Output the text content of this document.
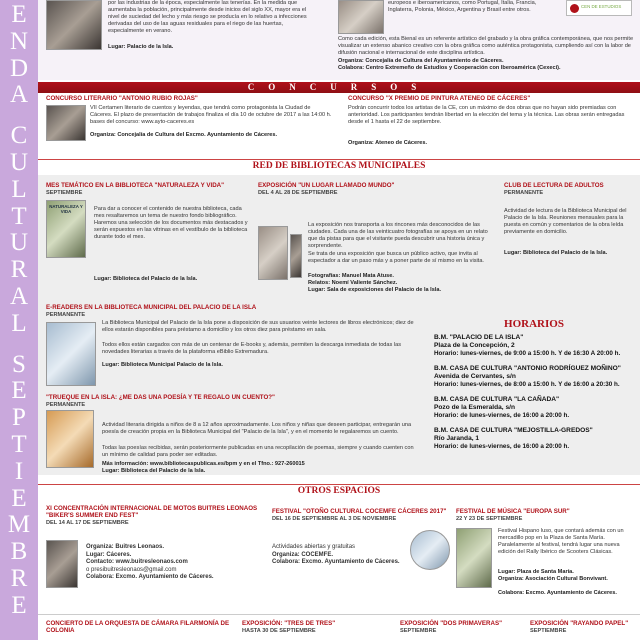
E
N
D
A
C
U
L
T
U
R
A
L
S
E
P
T
I
E
M
B
R
E
por las industrias de la época, especialmente las tenerías. En la medida que aumentaba la población, principalmente desde inicios del siglo XX, mayor era el nivel de suciedad del lecho y más riesgo se producía en lo relativo a infecciones derivadas del uso de las aguas residuales para el riego de las huertas, especialmente en verano.
Lugar: Palacio de la Isla.
europeos e iberoamericanos, como Portugal, Italia, Francia, Inglaterra, Polonia, México, Argentina y Brasil entre otros.
CEN DE ESTUDIOS
Como cada edición, esta Bienal es un referente artístico del grabado y la obra gráfica contemporánea, que nos permite visualizar un extenso abanico creativo con la obra gráfica como auténtica protagonista, cumpliendo así con la labor de difusión nacional e internacional de este disciplina artística.
Organiza: Concejalía de Cultura del Ayuntamiento de Cáceres.
Colabora: Centro Extremeño de Estudios y Cooperación con Iberoamérica (Cexeci).
CONCURSOS
CONCURSO LITERARIO "ANTONIO RUBIO ROJAS"
VII Certamen literario de cuentos y leyendas, que tendrá como protagonista la Ciudad de Cáceres. El plazo de presentación de trabajos finaliza el día 10 de octubre de 2017 a las 14:00 h. bases del concurso: www.ayto-caceres.es
Organiza: Concejalía de Cultura del Excmo. Ayuntamiento de Cáceres.
CONCURSO "X PREMIO DE PINTURA ATENEO DE CÁCERES"
Podrán concurrir todos los artistas de la CE, con un máximo de dos obras que no hayan sido premiadas con anterioridad. Los participantes tendrán libertad en la elección del tema y la técnica. Las obras serán entregadas desde el 1 hasta el 22 de septiembre.
Organiza: Ateneo de Cáceres.
RED DE BIBLIOTECAS MUNICIPALES
MES TEMÁTICO EN LA BIBLIOTECA "NATURALEZA Y VIDA"
SEPTIEMBRE
NATURALEZA Y VIDA	Para dar a conocer el contenido de nuestra biblioteca, cada mes resaltaremos un tema de nuestro fondo bibliográfico. Haremos una selección de los documentos más destacados y serán expuestos en las vitrinas en el vestíbulo de la biblioteca durante todo el mes.
Lugar: Biblioteca del Palacio de la Isla.
EXPOSICIÓN "UN LUGAR LLAMADO MUNDO"
DEL 4 AL 28 DE SEPTIEMBRE
La exposición nos transporta a los rincones más desconocidos de las ciudades. Cada una de las veinticuatro fotografías se apoya en un relato que da pistas para que el visitante pueda descubrir una historia única y sorprendente.
Se trata de una exposición que busca un público activo, que invita al espectador a dar un paso más y a poner parte de sí mismo en la visita.
Fotografías: Manuel Mata Atuse.
Relatos: Noemí Valiente Sánchez.
Lugar: Sala de exposiciones del Palacio de la Isla.
CLUB DE LECTURA DE ADULTOS
PERMANENTE
Actividad de lectura de la Biblioteca Municipal del Palacio de la Isla. Reuniones mensuales para la puesta en común y comentarios de la obra leída previamente en domicilio.
Lugar: Biblioteca del Palacio de la Isla.
E-READERS EN LA BIBLIOTECA MUNICIPAL DEL PALACIO DE LA ISLA
PERMANENTE
La Biblioteca Municipal del Palacio de la Isla pone a disposición de sus usuarios veinte lectores de libros electrónicos; diez de ellos estarán disponibles para préstamo a domicilio y los otros diez para préstamo en sala.
Todos ellos están cargados con más de un centenar de E-books y, además, permiten la descarga inmediata de todas las novedades literarias a través de la plataforma eBiblio Extremadura.
Lugar: Biblioteca Municipal Palacio de la Isla.
"TRUEQUE EN LA ISLA: ¿ME DAS UNA POESÍA Y TE REGALO UN CUENTO?"
PERMANENTE
Actividad literaria dirigida a niños de 8 a 12 años aproximadamente. Los niños y niñas que deseen participar, entregarán una poesía de creación propia en la Biblioteca Municipal del "Palacio de la Isla", y en el momento le regalaremos un cuento.
Todas las poesías recibidas, serán posteriormente publicadas en una recopilación de poemas, siempre y cuando cuenten con un mínimo de calidad para poder ser editadas.
Más información: www.bibliotecaspublicas.es/bpm y en el Tfno.: 927-260015
Lugar: Biblioteca del Palacio de la Isla.
HORARIOS
B.M. "PALACIO DE LA ISLA"
Plaza de la Concepción, 2
Horario: lunes-viernes, de 9:00 a 15:00 h. Y de 16:30 A 20:00 h.
B.M. CASA DE CULTURA "ANTONIO RODRÍGUEZ MOÑINO"
Avenida de Cervantes, s/n
Horario: lunes-viernes, de 8:00 a 15:00 h. Y de 16:00 a 20:30 h.
B.M. CASA DE CULTURA "LA CAÑADA"
Pozo de la Esmeralda, s/n
Horario: de lunes-viernes, de 16:00 a 20:00 h.
B.M. CASA DE CULTURA "MEJOSTILLA-GREDOS"
Río Jaranda, 1
Horario: de lunes-viernes, de 16:00 a 20:00 h.
OTROS ESPACIOS
XI CONCENTRACIÓN INTERNACIONAL DE MOTOS BUITRES LEONAOS "BIKER'S SUMMER END FEST"
DEL 14 AL 17 DE SEPTIEMBRE
Organiza: Buitres Leonaos.
Lugar: Cáceres.
Contacto: www.buitresleonaos.com
o presibuitresleonaos@gmail.com
Colabora: Excmo. Ayuntamiento de Cáceres.
FESTIVAL "OTOÑO CULTURAL COCEMFE CÁCERES 2017"
DEL 16 DE SEPTIEMBRE AL 3 DE NOVIEMBRE
Actividades abiertas y gratuitas
Organiza: COCEMFE.
Colabora: Excmo. Ayuntamiento de Cáceres.
FESTIVAL DE MÚSICA "EUROPA SUR"
22 Y 23 DE SEPTIEMBRE
Festival Hispano luso, que contará además con un mercadillo pop en la Plaza de Santa María. Paralelamente al festival, tendrá lugar una nueva edición del Rally Ibérico de Scooters Clásicas.
Lugar: Plaza de Santa María.
Organiza: Asociación Cultural Bonvivant.
Colabora: Excmo. Ayuntamiento de Cáceres.
CONCIERTO DE LA ORQUESTA DE CÁMARA FILARMONÍA DE COLONIA
EXPOSICIÓN: "TRES DE TRES"
HASTA 30 DE SEPTIEMBRE
EXPOSICIÓN "DOS PRIMAVERAS"
SEPTIEMBRE
EXPOSICIÓN "RAYANDO PAPEL"
SEPTIEMBRE
